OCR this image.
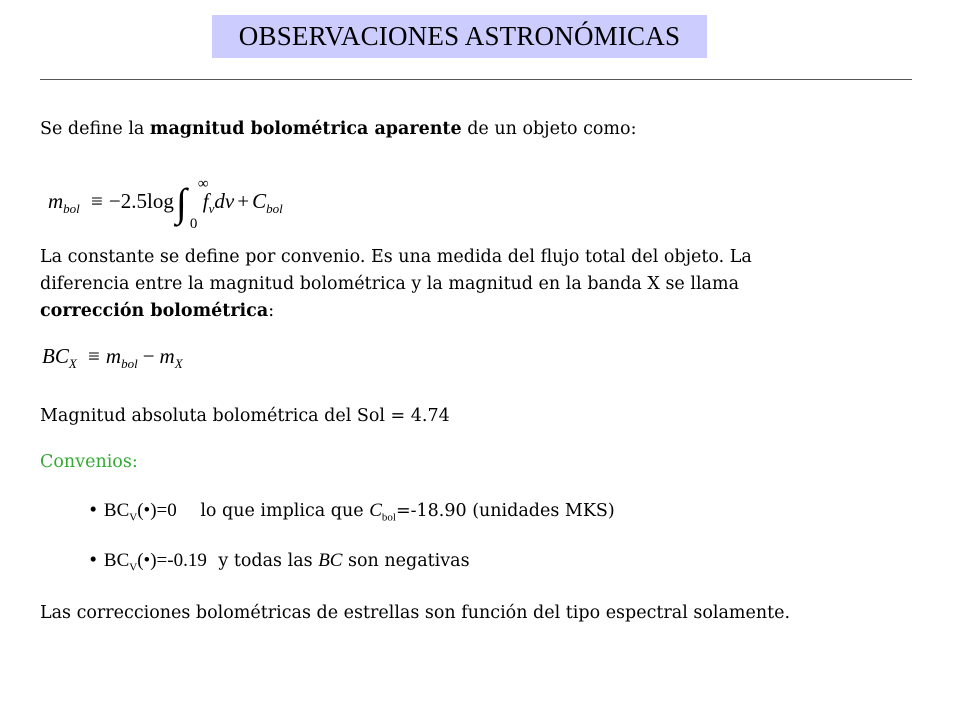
OBSERVACIONES ASTRONÓMICAS
Se define la magnitud bolométrica aparente de un objeto como:
$m_{bol} \equiv -2.5\log\int$ ∞
0
$f_\nu d\nu + C_{bol}$
La constante se define por convenio. Es una medida del flujo total del objeto. La
diferencia entre la magnitud bolométrica y la magnitud en la banda X se llama
corrección bolométrica:
$BC_X \equiv m_{bol} - m_X$
Magnitud absoluta bolométrica del Sol = 4.74
Convenios:
• $BC_V(•)=0$ lo que implica que $C_{bol}=-18.90$ (unidades MKS)
• $BC_V(•)=-0.19$ y todas las BC son negativas
Las correcciones bolométricas de estrellas son función del tipo espectral solamente.
